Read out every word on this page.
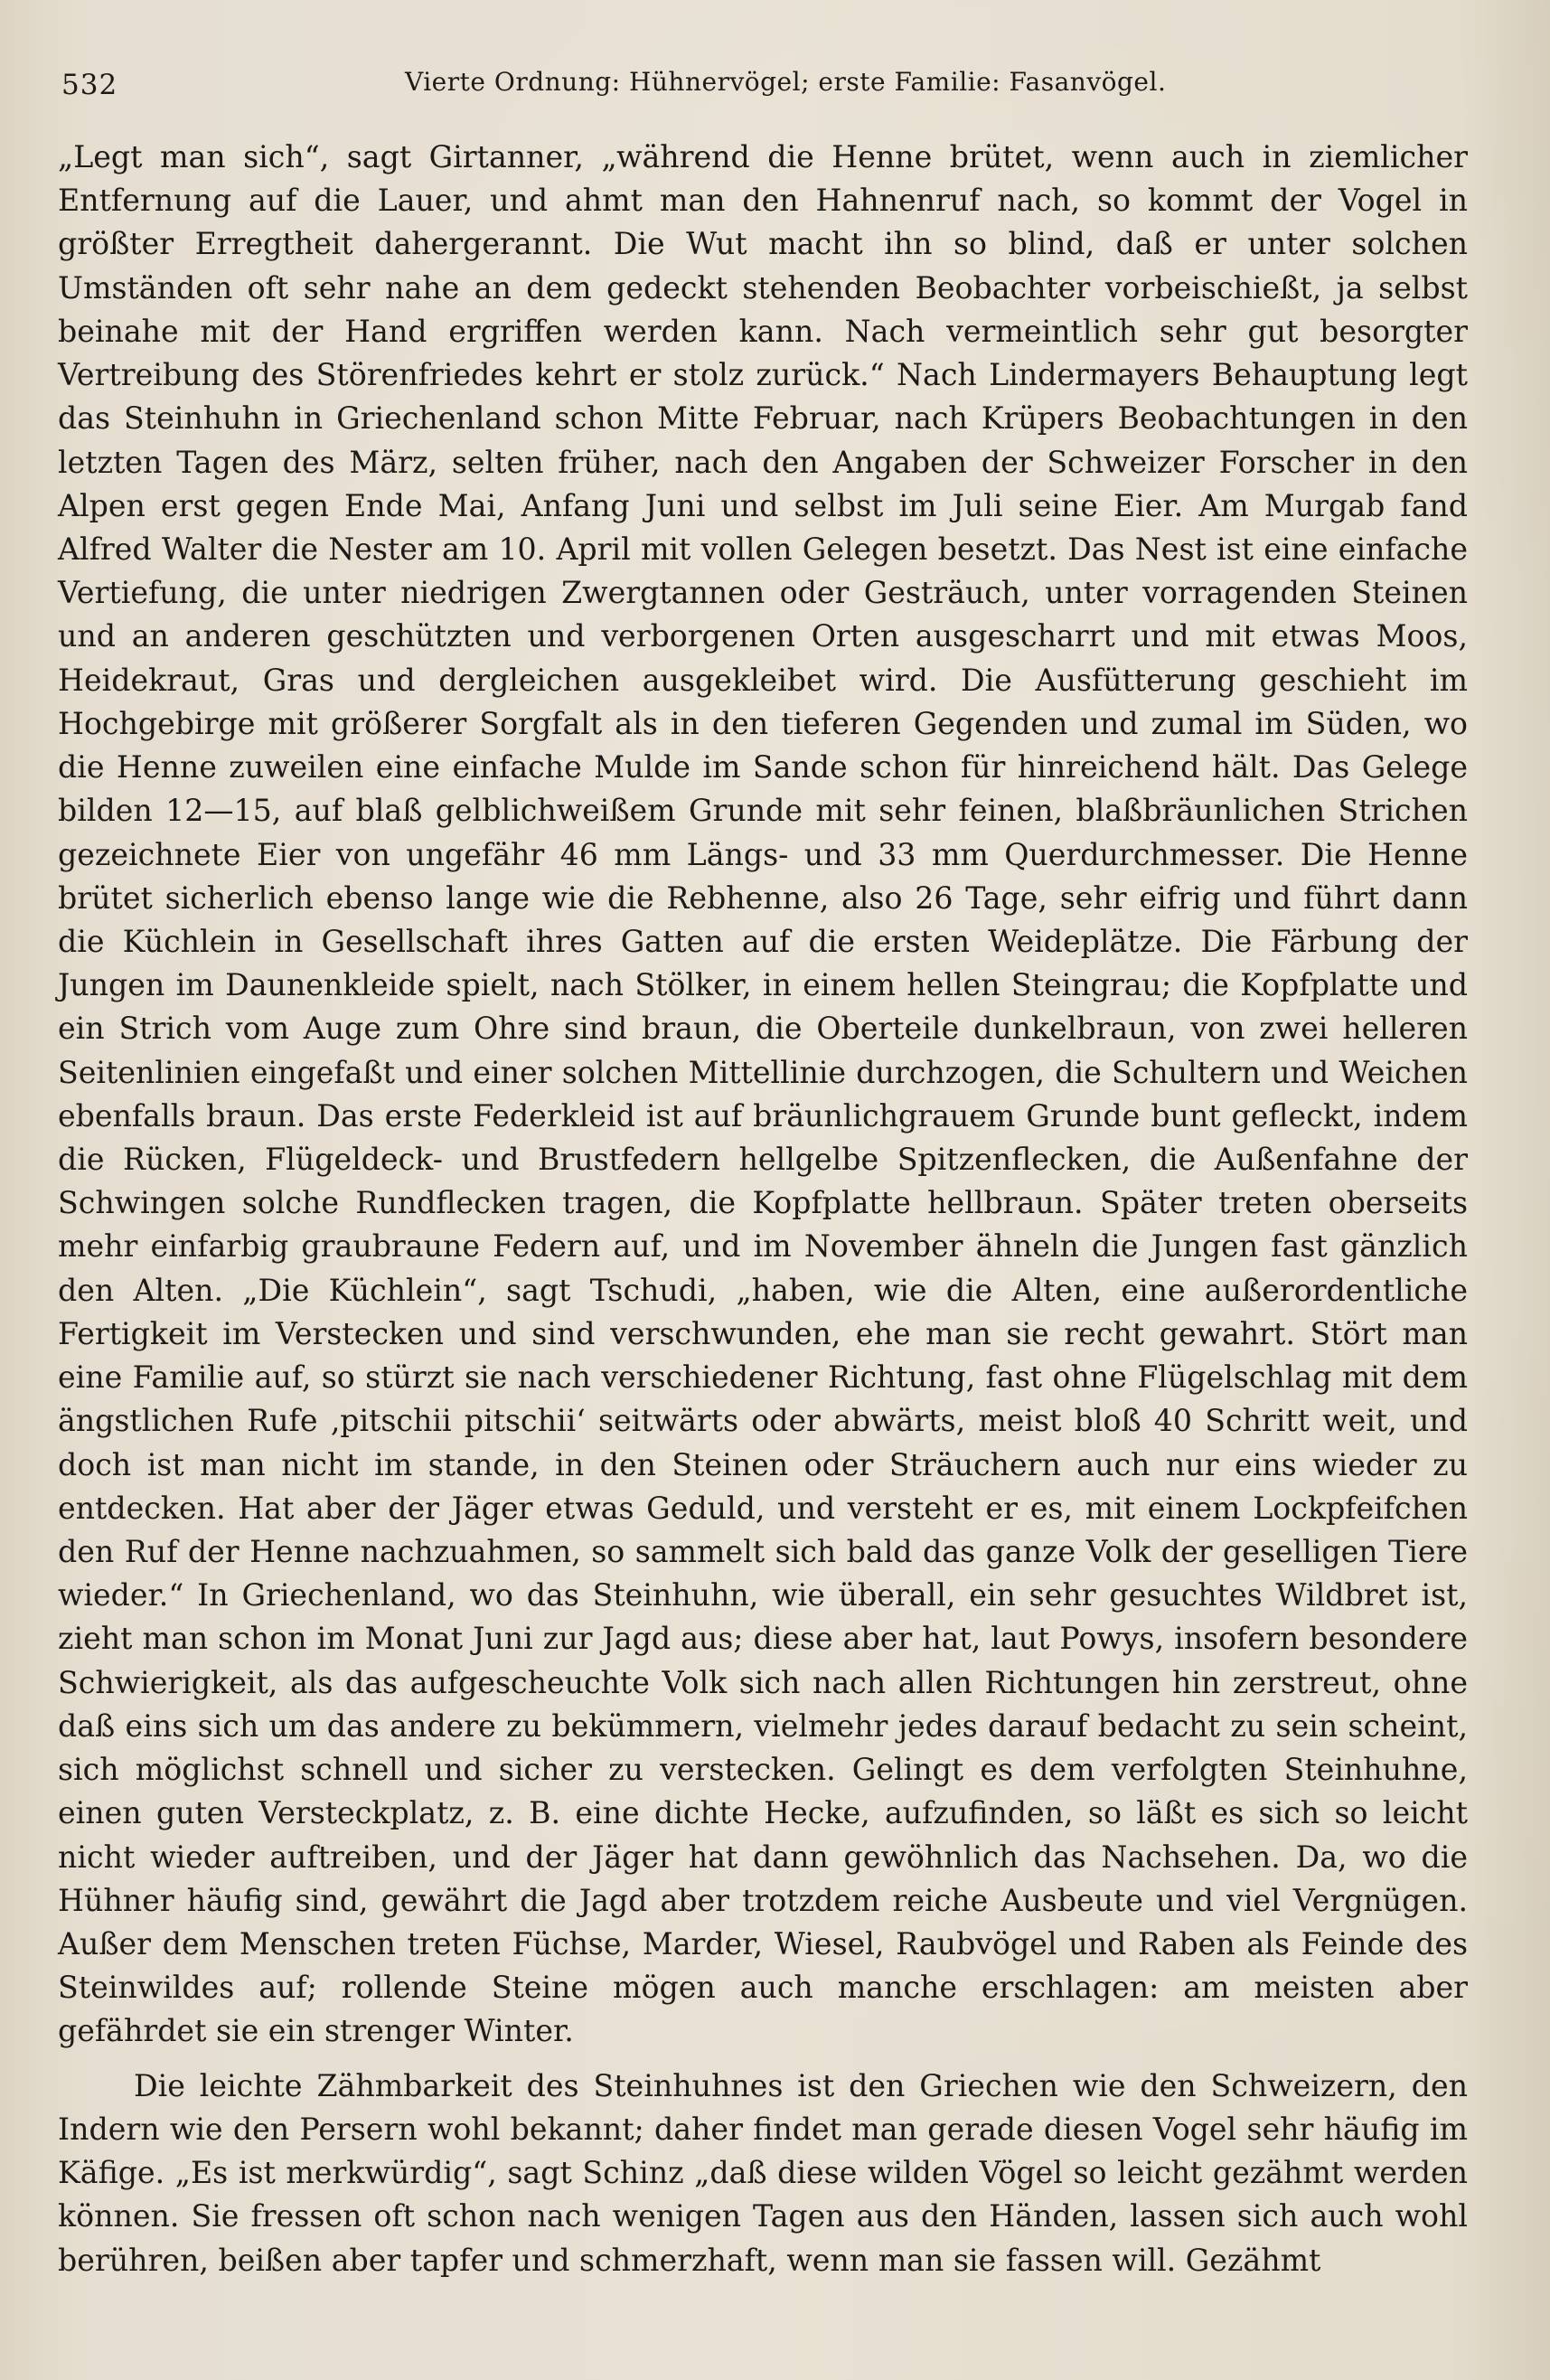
532	Vierte Ordnung: Hühnervögel; erste Familie: Fasanvögel.

„Legt man sich“, sagt Girtanner, „während die Henne brütet, wenn auch in ziemlicher Entfernung auf die Lauer, und ahmt man den Hahnenruf nach, so kommt der Vogel in größter Erregtheit dahergerannt. Die Wut macht ihn so blind, daß er unter solchen Umständen oft sehr nahe an dem gedeckt stehenden Beobachter vorbeischießt, ja selbst beinahe mit der Hand ergriffen werden kann. Nach vermeintlich sehr gut besorgter Vertreibung des Störenfriedes kehrt er stolz zurück.“ Nach Lindermayers Behauptung legt das Steinhuhn in Griechenland schon Mitte Februar, nach Krüpers Beobachtungen in den letzten Tagen des März, selten früher, nach den Angaben der Schweizer Forscher in den Alpen erst gegen Ende Mai, Anfang Juni und selbst im Juli seine Eier. Am Murgab fand Alfred Walter die Nester am 10. April mit vollen Gelegen besetzt. Das Nest ist eine einfache Vertiefung, die unter niedrigen Zwergtannen oder Gesträuch, unter vorragenden Steinen und an anderen geschützten und verborgenen Orten ausgescharrt und mit etwas Moos, Heidekraut, Gras und dergleichen ausgekleibet wird. Die Ausfütterung geschieht im Hochgebirge mit größerer Sorgfalt als in den tieferen Gegenden und zumal im Süden, wo die Henne zuweilen eine einfache Mulde im Sande schon für hinreichend hält. Das Gelege bilden 12—15, auf blaß gelblichweißem Grunde mit sehr feinen, blaßbräunlichen Strichen gezeichnete Eier von ungefähr 46 mm Längs- und 33 mm Querdurchmesser. Die Henne brütet sicherlich ebenso lange wie die Rebhenne, also 26 Tage, sehr eifrig und führt dann die Küchlein in Gesellschaft ihres Gatten auf die ersten Weideplätze. Die Färbung der Jungen im Daunenkleide spielt, nach Stölker, in einem hellen Steingrau; die Kopfplatte und ein Strich vom Auge zum Ohre sind braun, die Oberteile dunkelbraun, von zwei helleren Seitenlinien eingefaßt und einer solchen Mittellinie durchzogen, die Schultern und Weichen ebenfalls braun. Das erste Federkleid ist auf bräunlichgrauem Grunde bunt gefleckt, indem die Rücken, Flügeldeck- und Brustfedern hellgelbe Spitzenflecken, die Außenfahne der Schwingen solche Rundflecken tragen, die Kopfplatte hellbraun. Später treten oberseits mehr einfarbig graubraune Federn auf, und im November ähneln die Jungen fast gänzlich den Alten. „Die Küchlein“, sagt Tschudi, „haben, wie die Alten, eine außerordentliche Fertigkeit im Verstecken und sind verschwunden, ehe man sie recht gewahrt. Stört man eine Familie auf, so stürzt sie nach verschiedener Richtung, fast ohne Flügelschlag mit dem ängstlichen Rufe ‚pitschii pitschii‘ seitwärts oder abwärts, meist bloß 40 Schritt weit, und doch ist man nicht im stande, in den Steinen oder Sträuchern auch nur eins wieder zu entdecken. Hat aber der Jäger etwas Geduld, und versteht er es, mit einem Lockpfeifchen den Ruf der Henne nachzuahmen, so sammelt sich bald das ganze Volk der geselligen Tiere wieder.“ In Griechenland, wo das Steinhuhn, wie überall, ein sehr gesuchtes Wildbret ist, zieht man schon im Monat Juni zur Jagd aus; diese aber hat, laut Powys, insofern besondere Schwierigkeit, als das aufgescheuchte Volk sich nach allen Richtungen hin zerstreut, ohne daß eins sich um das andere zu bekümmern, vielmehr jedes darauf bedacht zu sein scheint, sich möglichst schnell und sicher zu verstecken. Gelingt es dem verfolgten Steinhuhne, einen guten Versteckplatz, z. B. eine dichte Hecke, aufzufinden, so läßt es sich so leicht nicht wieder auftreiben, und der Jäger hat dann gewöhnlich das Nachsehen. Da, wo die Hühner häufig sind, gewährt die Jagd aber trotzdem reiche Ausbeute und viel Vergnügen. Außer dem Menschen treten Füchse, Marder, Wiesel, Raubvögel und Raben als Feinde des Steinwildes auf; rollende Steine mögen auch manche erschlagen: am meisten aber gefährdet sie ein strenger Winter.

Die leichte Zähmbarkeit des Steinhuhnes ist den Griechen wie den Schweizern, den Indern wie den Persern wohl bekannt; daher findet man gerade diesen Vogel sehr häufig im Käfige. „Es ist merkwürdig“, sagt Schinz „daß diese wilden Vögel so leicht gezähmt werden können. Sie fressen oft schon nach wenigen Tagen aus den Händen, lassen sich auch wohl berühren, beißen aber tapfer und schmerzhaft, wenn man sie fassen will. Gezähmt
